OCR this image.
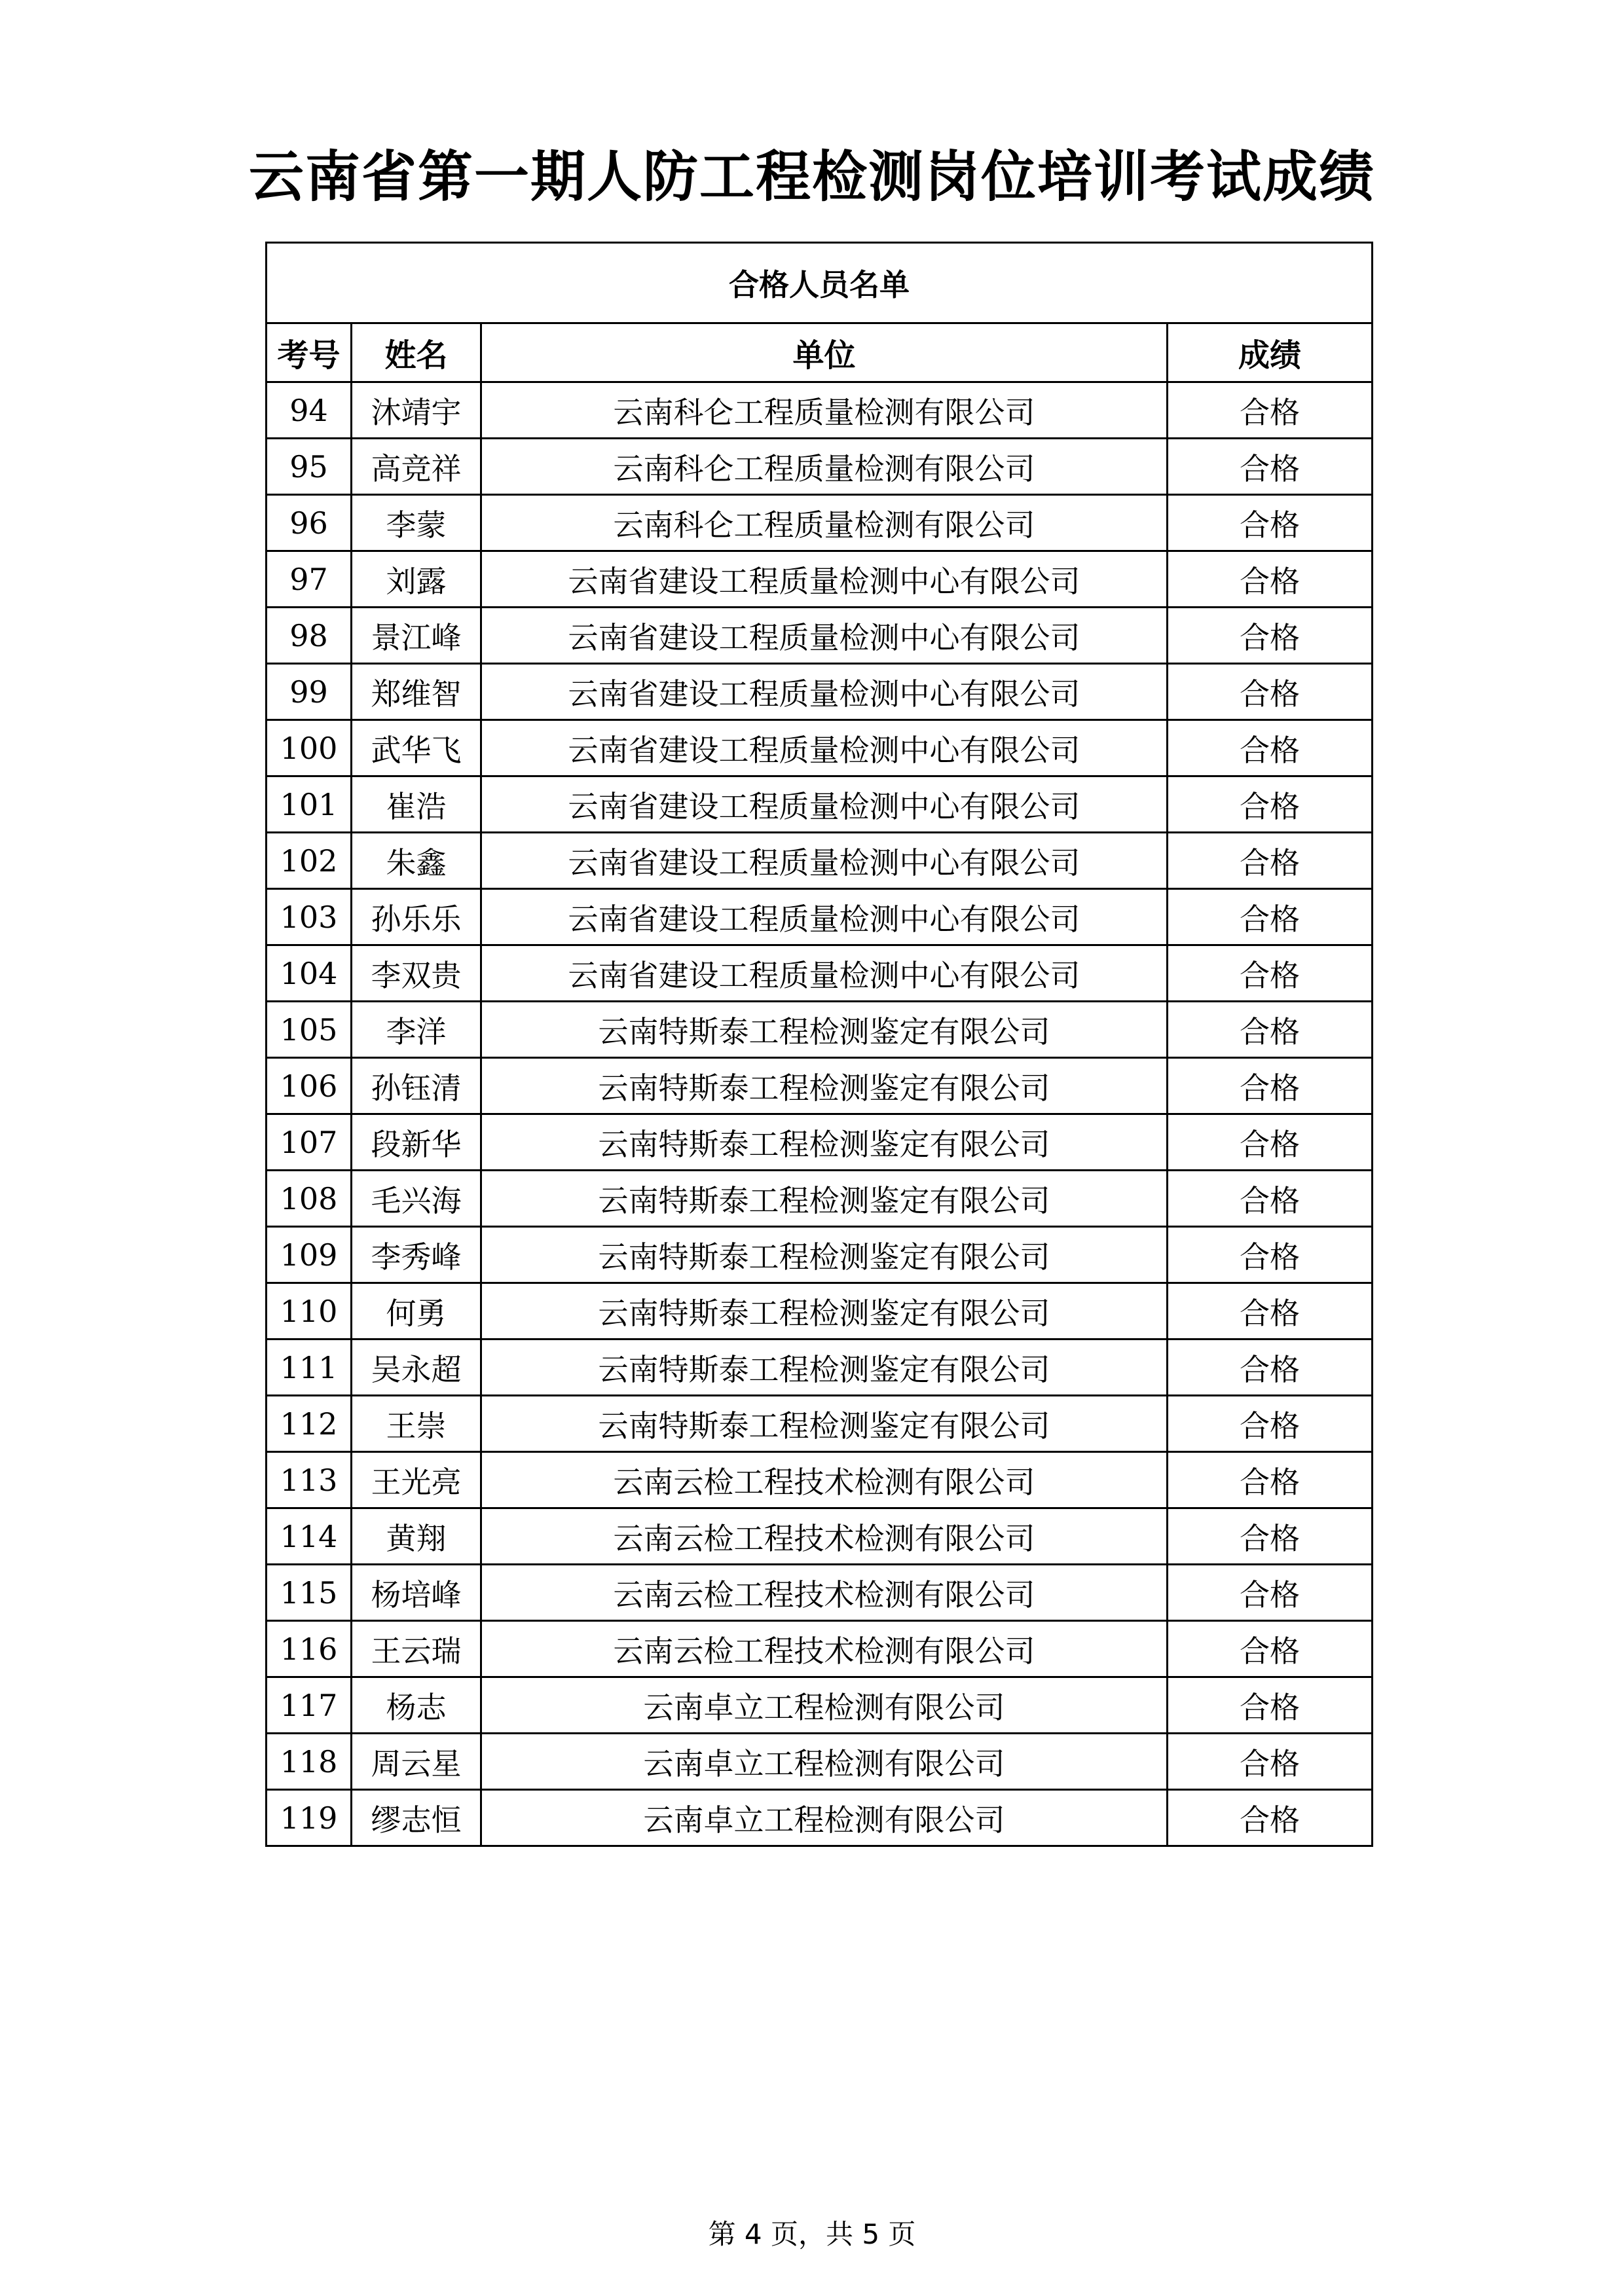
云南省第一期人防工程检测岗位培训考试成绩
合格人员名单			
考号	姓名	单位	成绩
94	沐靖宇	云南科仑工程质量检测有限公司	合格
95	高竞祥	云南科仑工程质量检测有限公司	合格
96	李蒙	云南科仑工程质量检测有限公司	合格
97	刘露	云南省建设工程质量检测中心有限公司	合格
98	景江峰	云南省建设工程质量检测中心有限公司	合格
99	郑维智	云南省建设工程质量检测中心有限公司	合格
100	武华飞	云南省建设工程质量检测中心有限公司	合格
101	崔浩	云南省建设工程质量检测中心有限公司	合格
102	朱鑫	云南省建设工程质量检测中心有限公司	合格
103	孙乐乐	云南省建设工程质量检测中心有限公司	合格
104	李双贵	云南省建设工程质量检测中心有限公司	合格
105	李洋	云南特斯泰工程检测鉴定有限公司	合格
106	孙钰清	云南特斯泰工程检测鉴定有限公司	合格
107	段新华	云南特斯泰工程检测鉴定有限公司	合格
108	毛兴海	云南特斯泰工程检测鉴定有限公司	合格
109	李秀峰	云南特斯泰工程检测鉴定有限公司	合格
110	何勇	云南特斯泰工程检测鉴定有限公司	合格
111	吴永超	云南特斯泰工程检测鉴定有限公司	合格
112	王崇	云南特斯泰工程检测鉴定有限公司	合格
113	王光亮	云南云检工程技术检测有限公司	合格
114	黄翔	云南云检工程技术检测有限公司	合格
115	杨培峰	云南云检工程技术检测有限公司	合格
116	王云瑞	云南云检工程技术检测有限公司	合格
117	杨志	云南卓立工程检测有限公司	合格
118	周云星	云南卓立工程检测有限公司	合格
119	缪志恒	云南卓立工程检测有限公司	合格
第 4 页，共 5 页
